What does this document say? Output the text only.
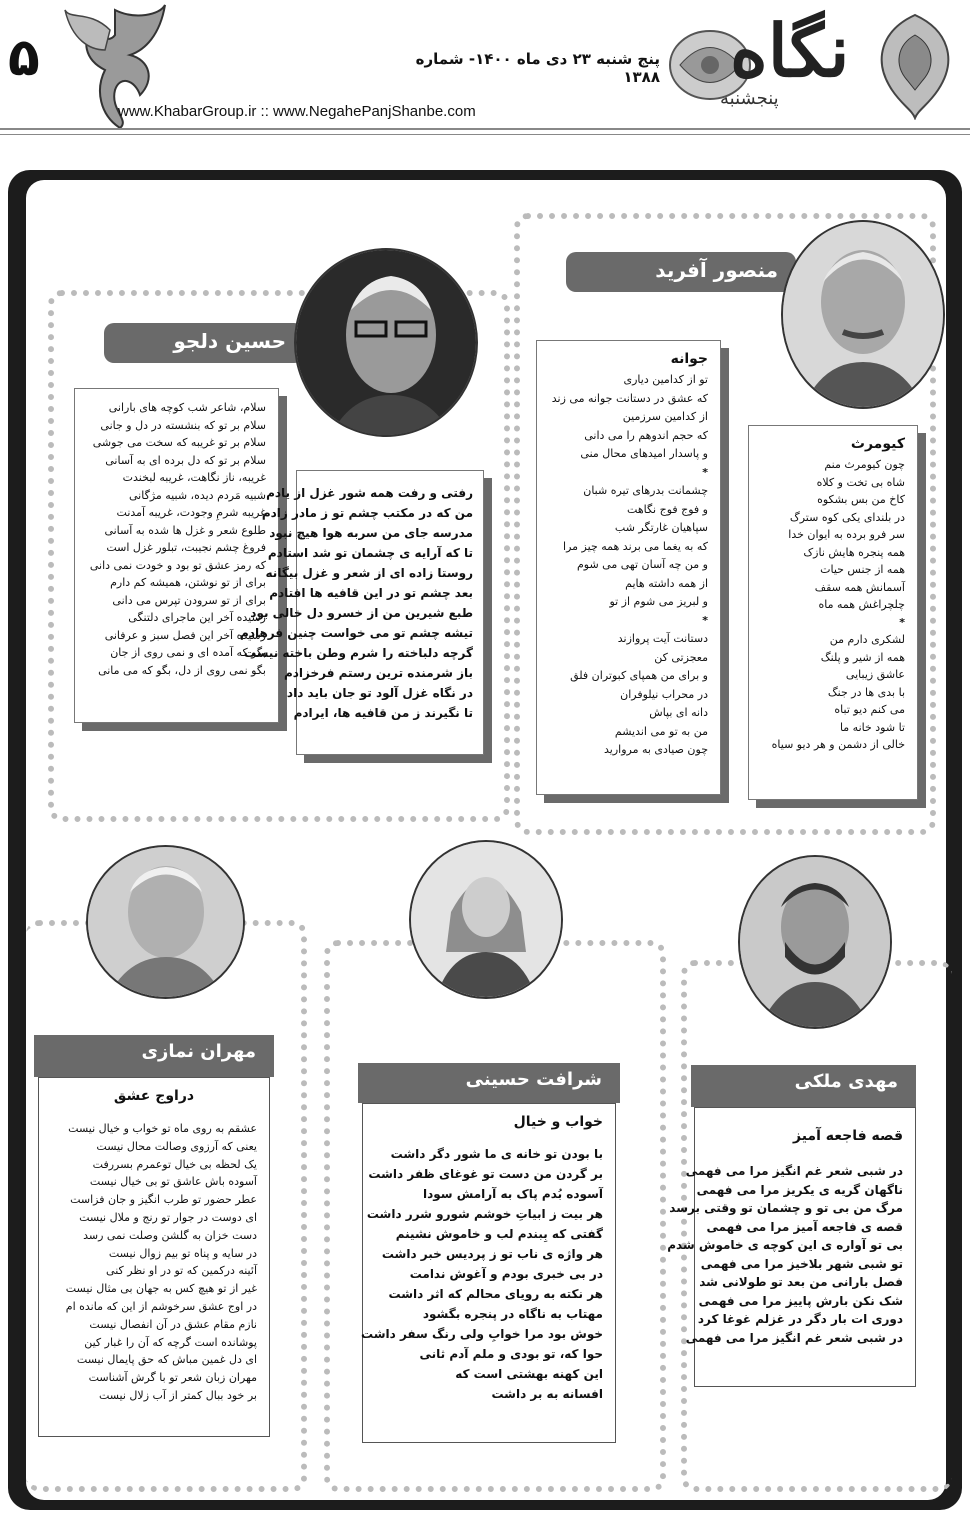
۵	پنج شنبه ۲۳ دی ماه ۱۴۰۰- شماره ۱۳۸۸
www.KhabarGroup.ir :: www.NegahePanjShanbe.com
نگاه
پنجشنبه
منصور آفرید
جوانه
تو از کدامین دیاری
که عشق در دستانت جوانه می زند
از کدامین سرزمین
که حجم اندوهم را می دانی
و پاسدار امیدهای محال منی
*
چشمانت بدرهای تیره شبان
و فوج فوج نگاهت
سپاهیان غارتگر شب
که به یغما می برند همه چیز مرا
و من چه آسان تهی می شوم
از همه داشته هایم
و لبریز می شوم از تو
*
دستانت آیت پروازند
معجزتی کن
و برای من همپای کبوتران فلق
در محراب نیلوفران
دانه ای بپاش
من به تو می اندیشم
چون صیادی به مروارید
کیومرث
چون کیومرث منم
شاه بی تخت و کلاه
کاخ من بس بشکوه
در بلندای یکی کوه سترگ
سر فرو برده به ایوان خدا
همه پنجره هایش نازک
همه از جنس حیات
آسمانش همه سقف
چلچراغش همه ماه
*
لشکری دارم من
همه از شیر و پلنگ
عاشق زیبایی
با بدی ها در جنگ
می کنم دیو تباه
تا شود خانه ما
خالی از دشمن و هر دیو سیاه
حسین دلجو
سلام، شاعر شب کوچه های بارانی
سلام بر تو که بنشسته در دل و جانی
سلام بر تو غریبه که سخت می جوشی
سلام بر تو که دل برده ای به آسانی
غریبه، ناز نگاهت، غریبه لبخندت
شبیه مَردم دیده، شبیه مژگانی
غریبه شرمِ وجودت، غریبه آمدنت
طلوع شعر و غزل ها شده به آسانی
فروغ چشم نجیبت، تبلور غزل است
که رمز عشق تو بود و خودت نمی دانی
برای از تو نوشتن، همیشه کم دارم
برای از تو سرودن تپرس می دانی
رسیده آخر این ماجرای دلتنگی
رسیده آخر این فصل سبز و عرفانی
بگو که آمده ای و نمی روی از جان
بگو نمی روی از دل، بگو که می مانی
رفتی و رفت همه شور غزل از یادم
من که در مکتب چشم تو ز مادر زادم
مدرسه جای من سربه هوا هیچ نبود
تا که آرایه ی چشمان تو شد استادم
روستا زاده ای از شعر و غزل بیگانه
بعد چشم تو در این قافیه ها افتادم
طبع شیرین من از خسرو دل خالی بود
تیشه چشم تو می خواست چنین فرهادم
گرچه دلباخته را شرم وطن باخته نیست
باز شرمنده ترین رستم فرخزادم
در نگاه غزل آلود تو جان باید داد
تا نگیرند ز من قافیه ها، ایرادم
مهران نمازی
دراوج عشق
عشقم به روی ماه تو خواب و خیال نیست
یعنی که آرزوی وصالت محال نیست
یک لحظه بی خیال توعمرم بسررفت
آسوده باش عاشق تو بی خیال نیست
عطر حضور تو طرب انگیز و جان فزاست
ای دوست در جوار تو رنج و ملال نیست
دست خزان به گلشن وصلت نمی رسد
در سایه و پناه تو بیم زوال نیست
آئینه درکمین که تو در او نظر کنی
غیر از تو هیچ کس به جهان بی مثال نیست
در اوج عشق سرخوشم از این که مانده ام
نازم مقام عشق در آن انفصال نیست
پوشانده است گرچه که آن را غبار کین
ای دل غمین مباش که حق پایمال نیست
مهران زبان شعر تو با گرش آشناست
بر خود ببال کمتر از آب زلال نیست
شرافت حسینی
خواب و خیال
با بودن تو خانه ی ما شور دگر داشت
بر گردن من دست تو غوغای ظفر داشت
آسوده بُدم پاک به آرامش سودا
هر بیت ز ابیاتِ خوشم شورو شرر داشت
گفتی که بِبندم لب و خاموش نشینم
هر واژه ی ناب تو ز پردیس خبر داشت
در بی خبری بودم و آغوش ندامت
هر نکته به رویای محالم که اثر داشت
مهتاب به ناگاه در پنجره بگشود
خوش بود مرا خوابِ ولی رنگ سفر داشت
حوا که، تو بودی و ملم آدم ثانی
این کهنه بهشتی است که
افسانه به بر داشت
مهدی ملکی
قصه فاجعه آمیز
در شبی شعر غم انگیز مرا می فهمی
ناگهان گریه ی یکریز مرا می فهمی
مرگ من بی تو و چشمان تو وقتی برسد
قصه ی فاجعه آمیز مرا می فهمی
بی تو آواره ی این کوچه ی خاموش شدم
تو شبی شهر بلاخیز مرا می فهمی
فصل بارانی من بعد تو طولانی شد
شک نکن بارش پاییز مرا می فهمی
دوری ات بار دگر در غزلم غوغا کرد
در شبی شعر غم انگیز مرا می فهمی
